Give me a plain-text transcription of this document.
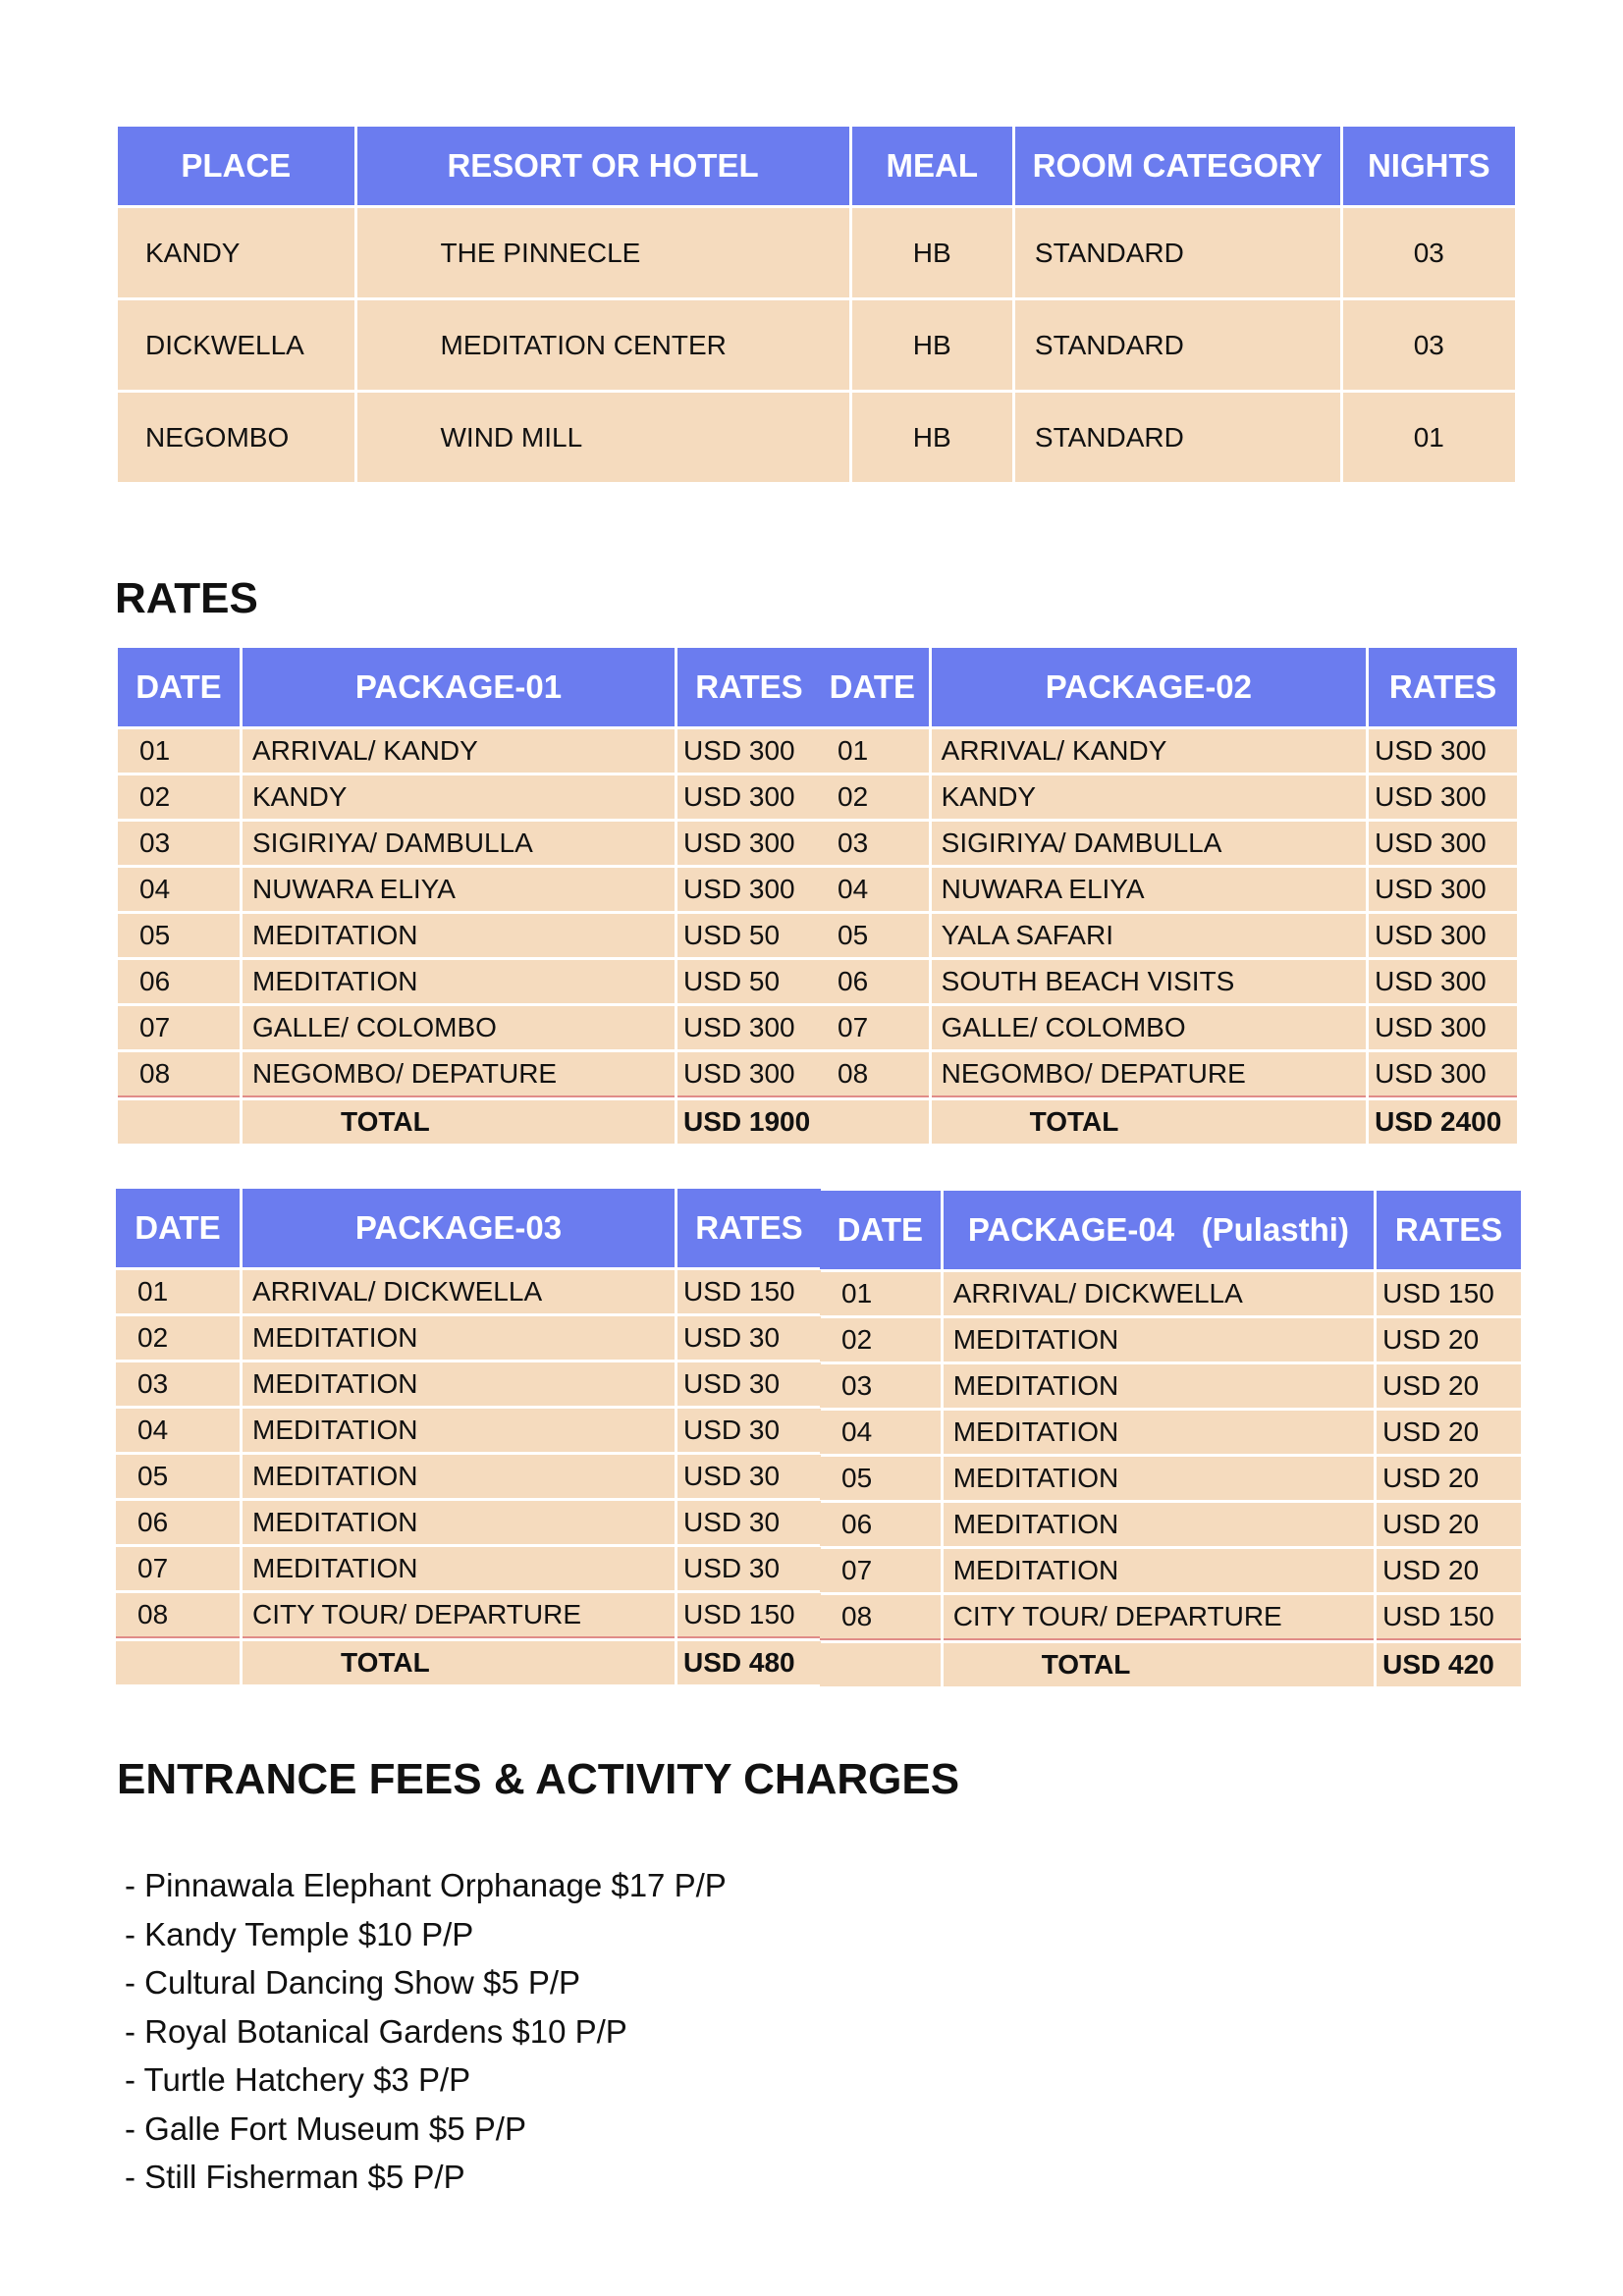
PLACE	RESORT OR HOTEL	MEAL	ROOM CATEGORY	NIGHTS
KANDY	THE PINNECLE	HB	STANDARD	03
DICKWELLA	MEDITATION CENTER	HB	STANDARD	03
NEGOMBO	WIND MILL	HB	STANDARD	01
RATES
DATE	PACKAGE-01	RATES
01	ARRIVAL/ KANDY	USD 300
02	KANDY	USD 300
03	SIGIRIYA/ DAMBULLA	USD 300
04	NUWARA ELIYA	USD 300
05	MEDITATION	USD 50
06	MEDITATION	USD 50
07	GALLE/ COLOMBO	USD 300
08	NEGOMBO/ DEPATURE	USD 300
	TOTAL	USD 1900
DATE	PACKAGE-02	RATES
01	ARRIVAL/ KANDY	USD 300
02	KANDY	USD 300
03	SIGIRIYA/ DAMBULLA	USD 300
04	NUWARA ELIYA	USD 300
05	YALA SAFARI	USD 300
06	SOUTH BEACH VISITS	USD 300
07	GALLE/ COLOMBO	USD 300
08	NEGOMBO/ DEPATURE	USD 300
	TOTAL	USD 2400
DATE	PACKAGE-03	RATES
01	ARRIVAL/ DICKWELLA	USD 150
02	MEDITATION	USD 30
03	MEDITATION	USD 30
04	MEDITATION	USD 30
05	MEDITATION	USD 30
06	MEDITATION	USD 30
07	MEDITATION	USD 30
08	CITY TOUR/ DEPARTURE	USD 150
	TOTAL	USD 480
DATE	PACKAGE-04   (Pulasthi)	RATES
01	ARRIVAL/ DICKWELLA	USD 150
02	MEDITATION	USD 20
03	MEDITATION	USD 20
04	MEDITATION	USD 20
05	MEDITATION	USD 20
06	MEDITATION	USD 20
07	MEDITATION	USD 20
08	CITY TOUR/ DEPARTURE	USD 150
	TOTAL	USD 420
ENTRANCE FEES & ACTIVITY CHARGES
- Pinnawala Elephant Orphanage $17 P/P
- Kandy Temple $10 P/P
- Cultural Dancing Show $5 P/P
- Royal Botanical Gardens $10 P/P
- Turtle Hatchery $3 P/P
- Galle Fort Museum $5 P/P
- Still Fisherman $5 P/P
